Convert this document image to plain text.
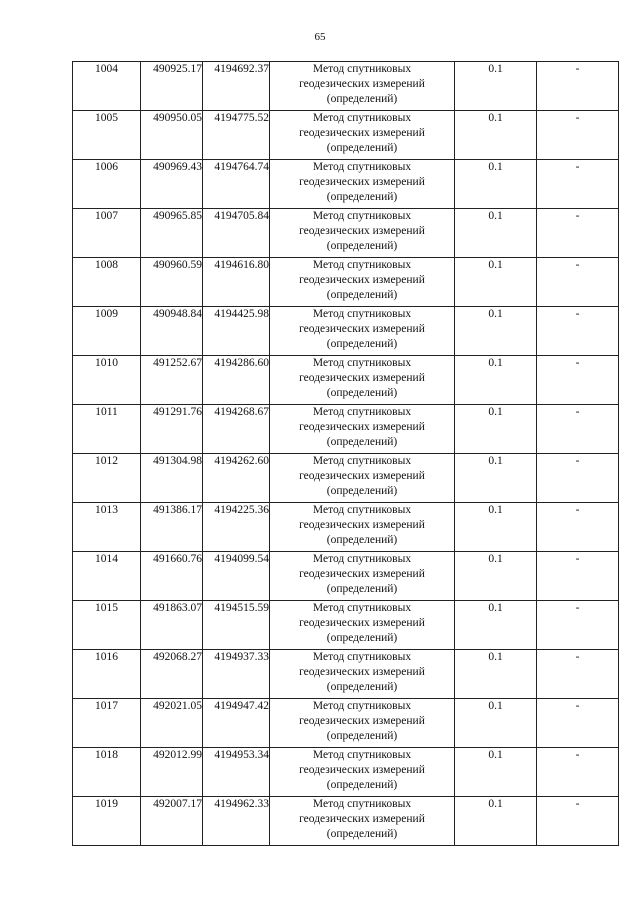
65
1004	490925.17	4194692.37	Метод спутниковых
геодезических измерений
(определений)	0.1	-
1005	490950.05	4194775.52	Метод спутниковых
геодезических измерений
(определений)	0.1	-
1006	490969.43	4194764.74	Метод спутниковых
геодезических измерений
(определений)	0.1	-
1007	490965.85	4194705.84	Метод спутниковых
геодезических измерений
(определений)	0.1	-
1008	490960.59	4194616.80	Метод спутниковых
геодезических измерений
(определений)	0.1	-
1009	490948.84	4194425.98	Метод спутниковых
геодезических измерений
(определений)	0.1	-
1010	491252.67	4194286.60	Метод спутниковых
геодезических измерений
(определений)	0.1	-
1011	491291.76	4194268.67	Метод спутниковых
геодезических измерений
(определений)	0.1	-
1012	491304.98	4194262.60	Метод спутниковых
геодезических измерений
(определений)	0.1	-
1013	491386.17	4194225.36	Метод спутниковых
геодезических измерений
(определений)	0.1	-
1014	491660.76	4194099.54	Метод спутниковых
геодезических измерений
(определений)	0.1	-
1015	491863.07	4194515.59	Метод спутниковых
геодезических измерений
(определений)	0.1	-
1016	492068.27	4194937.33	Метод спутниковых
геодезических измерений
(определений)	0.1	-
1017	492021.05	4194947.42	Метод спутниковых
геодезических измерений
(определений)	0.1	-
1018	492012.99	4194953.34	Метод спутниковых
геодезических измерений
(определений)	0.1	-
1019	492007.17	4194962.33	Метод спутниковых
геодезических измерений
(определений)	0.1	-
